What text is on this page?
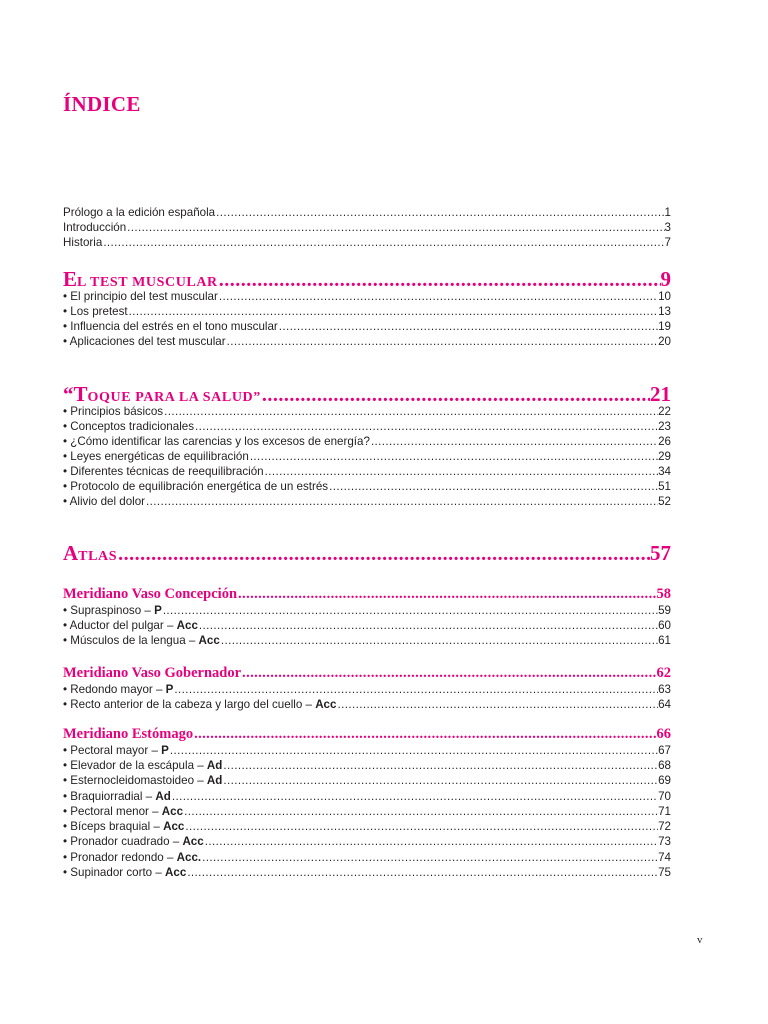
ÍNDICE
Prólogo a la edición española .....	1
Introducción .....	3
Historia .....	7
EL TEST MUSCULAR .....	9
• El principio del test muscular .....	10
• Los pretest .....	13
• Influencia del estrés en el tono muscular .....	19
• Aplicaciones del test muscular .....	20
“TOQUE PARA LA SALUD” .....	21
• Principios básicos .....	22
• Conceptos tradicionales .....	23
• ¿Cómo identificar las carencias y los excesos de energía? .....	26
• Leyes energéticas de equilibración .....	29
• Diferentes técnicas de reequilibración .....	34
• Protocolo de equilibración energética de un estrés .....	51
• Alivio del dolor .....	52
ATLAS .....	57
Meridiano Vaso Concepción .....	58
• Supraspinoso – P .....	59
• Aductor del pulgar – Acc .....	60
• Músculos de la lengua – Acc .....	61
Meridiano Vaso Gobernador .....	62
• Redondo mayor – P .....	63
• Recto anterior de la cabeza y largo del cuello – Acc .....	64
Meridiano Estómago .....	66
• Pectoral mayor – P .....	67
• Elevador de la escápula – Ad .....	68
• Esternocleidomastoideo – Ad .....	69
• Braquiorradial – Ad .....	70
• Pectoral menor – Acc .....	71
• Bíceps braquial – Acc .....	72
• Pronador cuadrado – Acc .....	73
• Pronador redondo – Acc. .....	74
• Supinador corto – Acc .....	75
v
